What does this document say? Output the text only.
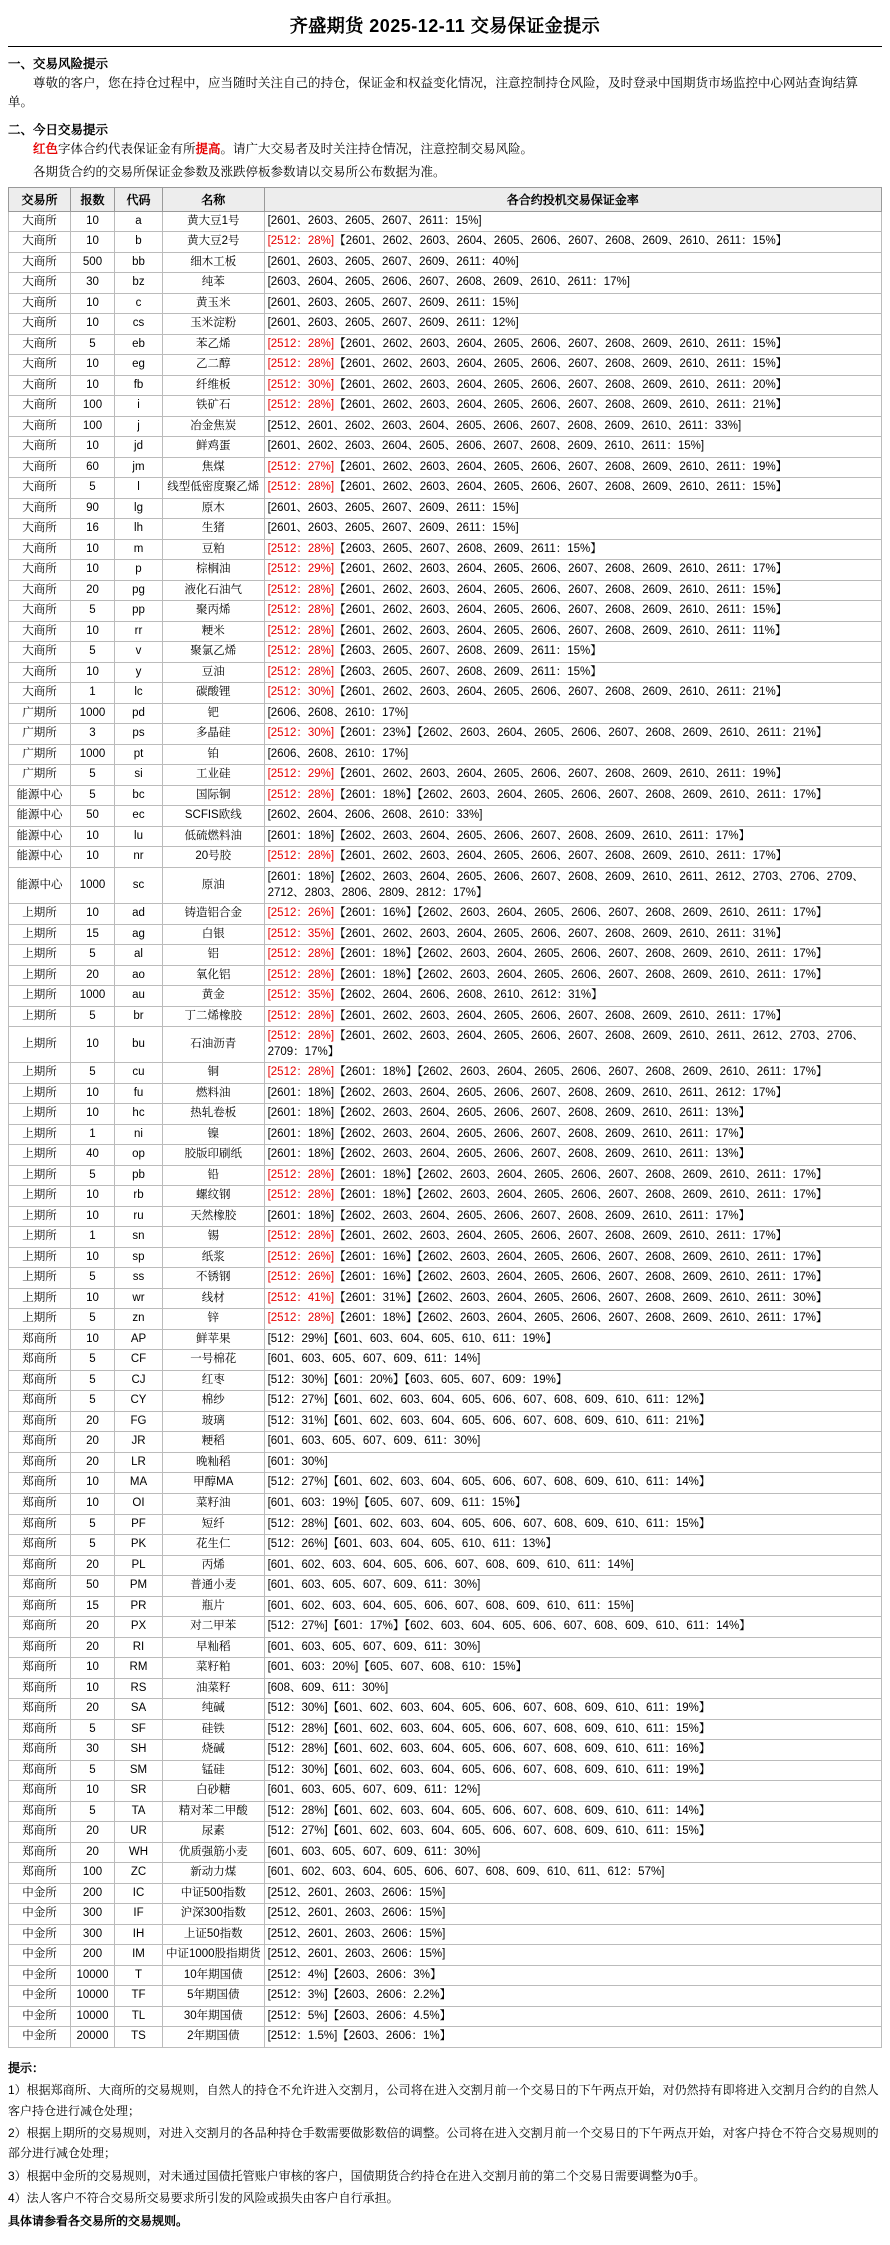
齐盛期货 2025-12-11 交易保证金提示
一、交易风险提示
尊敬的客户，您在持仓过程中，应当随时关注自己的持仓，保证金和权益变化情况，注意控制持仓风险，及时登录中国期货市场监控中心网站查询结算单。
二、今日交易提示
红色字体合约代表保证金有所提高。请广大交易者及时关注持仓情况，注意控制交易风险。
各期货合约的交易所保证金参数及涨跌停板参数请以交易所公布数据为准。
交易所	报数	代码	名称	各合约投机交易保证金率
大商所	10	a	黄大豆1号	[2601、2603、2605、2607、2611：15%]
大商所	10	b	黄大豆2号	[2512：28%]【2601、2602、2603、2604、2605、2606、2607、2608、2609、2610、2611：15%】
大商所	500	bb	细木工板	[2601、2603、2605、2607、2609、2611：40%]
大商所	30	bz	纯苯	[2603、2604、2605、2606、2607、2608、2609、2610、2611：17%]
大商所	10	c	黄玉米	[2601、2603、2605、2607、2609、2611：15%]
大商所	10	cs	玉米淀粉	[2601、2603、2605、2607、2609、2611：12%]
大商所	5	eb	苯乙烯	[2512：28%]【2601、2602、2603、2604、2605、2606、2607、2608、2609、2610、2611：15%】
大商所	10	eg	乙二醇	[2512：28%]【2601、2602、2603、2604、2605、2606、2607、2608、2609、2610、2611：15%】
大商所	10	fb	纤维板	[2512：30%]【2601、2602、2603、2604、2605、2606、2607、2608、2609、2610、2611：20%】
大商所	100	i	铁矿石	[2512：28%]【2601、2602、2603、2604、2605、2606、2607、2608、2609、2610、2611：21%】
大商所	100	j	冶金焦炭	[2512、2601、2602、2603、2604、2605、2606、2607、2608、2609、2610、2611：33%]
大商所	10	jd	鲜鸡蛋	[2601、2602、2603、2604、2605、2606、2607、2608、2609、2610、2611：15%]
大商所	60	jm	焦煤	[2512：27%]【2601、2602、2603、2604、2605、2606、2607、2608、2609、2610、2611：19%】
大商所	5	l	线型低密度聚乙烯	[2512：28%]【2601、2602、2603、2604、2605、2606、2607、2608、2609、2610、2611：15%】
大商所	90	lg	原木	[2601、2603、2605、2607、2609、2611：15%]
大商所	16	lh	生猪	[2601、2603、2605、2607、2609、2611：15%]
大商所	10	m	豆粕	[2512：28%]【2603、2605、2607、2608、2609、2611：15%】
大商所	10	p	棕榈油	[2512：29%]【2601、2602、2603、2604、2605、2606、2607、2608、2609、2610、2611：17%】
大商所	20	pg	液化石油气	[2512：28%]【2601、2602、2603、2604、2605、2606、2607、2608、2609、2610、2611：15%】
大商所	5	pp	聚丙烯	[2512：28%]【2601、2602、2603、2604、2605、2606、2607、2608、2609、2610、2611：15%】
大商所	10	rr	粳米	[2512：28%]【2601、2602、2603、2604、2605、2606、2607、2608、2609、2610、2611：11%】
大商所	5	v	聚氯乙烯	[2512：28%]【2603、2605、2607、2608、2609、2611：15%】
大商所	10	y	豆油	[2512：28%]【2603、2605、2607、2608、2609、2611：15%】
大商所	1	lc	碳酸锂	[2512：30%]【2601、2602、2603、2604、2605、2606、2607、2608、2609、2610、2611：21%】
广期所	1000	pd	钯	[2606、2608、2610：17%]
广期所	3	ps	多晶硅	[2512：30%]【2601：23%】【2602、2603、2604、2605、2606、2607、2608、2609、2610、2611：21%】
广期所	1000	pt	铂	[2606、2608、2610：17%]
广期所	5	si	工业硅	[2512：29%]【2601、2602、2603、2604、2605、2606、2607、2608、2609、2610、2611：19%】
能源中心	5	bc	国际铜	[2512：28%]【2601：18%】【2602、2603、2604、2605、2606、2607、2608、2609、2610、2611：17%】
能源中心	50	ec	SCFIS欧线	[2602、2604、2606、2608、2610：33%]
能源中心	10	lu	低硫燃料油	[2601：18%]【2602、2603、2604、2605、2606、2607、2608、2609、2610、2611：17%】
能源中心	10	nr	20号胶	[2512：28%]【2601、2602、2603、2604、2605、2606、2607、2608、2609、2610、2611：17%】
能源中心	1000	sc	原油	[2601：18%]【2602、2603、2604、2605、2606、2607、2608、2609、2610、2611、2612、2703、2706、2709、2712、2803、2806、2809、2812：17%】
上期所	10	ad	铸造铝合金	[2512：26%]【2601：16%】【2602、2603、2604、2605、2606、2607、2608、2609、2610、2611：17%】
上期所	15	ag	白银	[2512：35%]【2601、2602、2603、2604、2605、2606、2607、2608、2609、2610、2611：31%】
上期所	5	al	铝	[2512：28%]【2601：18%】【2602、2603、2604、2605、2606、2607、2608、2609、2610、2611：17%】
上期所	20	ao	氧化铝	[2512：28%]【2601：18%】【2602、2603、2604、2605、2606、2607、2608、2609、2610、2611：17%】
上期所	1000	au	黄金	[2512：35%]【2602、2604、2606、2608、2610、2612：31%】
上期所	5	br	丁二烯橡胶	[2512：28%]【2601、2602、2603、2604、2605、2606、2607、2608、2609、2610、2611：17%】
上期所	10	bu	石油沥青	[2512：28%]【2601、2602、2603、2604、2605、2606、2607、2608、2609、2610、2611、2612、2703、2706、2709：17%】
上期所	5	cu	铜	[2512：28%]【2601：18%】【2602、2603、2604、2605、2606、2607、2608、2609、2610、2611：17%】
上期所	10	fu	燃料油	[2601：18%]【2602、2603、2604、2605、2606、2607、2608、2609、2610、2611、2612：17%】
上期所	10	hc	热轧卷板	[2601：18%]【2602、2603、2604、2605、2606、2607、2608、2609、2610、2611：13%】
上期所	1	ni	镍	[2601：18%]【2602、2603、2604、2605、2606、2607、2608、2609、2610、2611：17%】
上期所	40	op	胶版印刷纸	[2601：18%]【2602、2603、2604、2605、2606、2607、2608、2609、2610、2611：13%】
上期所	5	pb	铅	[2512：28%]【2601：18%】【2602、2603、2604、2605、2606、2607、2608、2609、2610、2611：17%】
上期所	10	rb	螺纹钢	[2512：28%]【2601：18%】【2602、2603、2604、2605、2606、2607、2608、2609、2610、2611：17%】
上期所	10	ru	天然橡胶	[2601：18%]【2602、2603、2604、2605、2606、2607、2608、2609、2610、2611：17%】
上期所	1	sn	锡	[2512：28%]【2601、2602、2603、2604、2605、2606、2607、2608、2609、2610、2611：17%】
上期所	10	sp	纸浆	[2512：26%]【2601：16%】【2602、2603、2604、2605、2606、2607、2608、2609、2610、2611：17%】
上期所	5	ss	不锈钢	[2512：26%]【2601：16%】【2602、2603、2604、2605、2606、2607、2608、2609、2610、2611：17%】
上期所	10	wr	线材	[2512：41%]【2601：31%】【2602、2603、2604、2605、2606、2607、2608、2609、2610、2611：30%】
上期所	5	zn	锌	[2512：28%]【2601：18%】【2602、2603、2604、2605、2606、2607、2608、2609、2610、2611：17%】
郑商所	10	AP	鲜苹果	[512：29%]【601、603、604、605、610、611：19%】
郑商所	5	CF	一号棉花	[601、603、605、607、609、611：14%]
郑商所	5	CJ	红枣	[512：30%]【601：20%】【603、605、607、609：19%】
郑商所	5	CY	棉纱	[512：27%]【601、602、603、604、605、606、607、608、609、610、611：12%】
郑商所	20	FG	玻璃	[512：31%]【601、602、603、604、605、606、607、608、609、610、611：21%】
郑商所	20	JR	粳稻	[601、603、605、607、609、611：30%]
郑商所	20	LR	晚籼稻	[601：30%]
郑商所	10	MA	甲醇MA	[512：27%]【601、602、603、604、605、606、607、608、609、610、611：14%】
郑商所	10	OI	菜籽油	[601、603：19%]【605、607、609、611：15%】
郑商所	5	PF	短纤	[512：28%]【601、602、603、604、605、606、607、608、609、610、611：15%】
郑商所	5	PK	花生仁	[512：26%]【601、603、604、605、610、611：13%】
郑商所	20	PL	丙烯	[601、602、603、604、605、606、607、608、609、610、611：14%]
郑商所	50	PM	普通小麦	[601、603、605、607、609、611：30%]
郑商所	15	PR	瓶片	[601、602、603、604、605、606、607、608、609、610、611：15%]
郑商所	20	PX	对二甲苯	[512：27%]【601：17%】【602、603、604、605、606、607、608、609、610、611：14%】
郑商所	20	RI	早籼稻	[601、603、605、607、609、611：30%]
郑商所	10	RM	菜籽粕	[601、603：20%]【605、607、608、610：15%】
郑商所	10	RS	油菜籽	[608、609、611：30%]
郑商所	20	SA	纯碱	[512：30%]【601、602、603、604、605、606、607、608、609、610、611：19%】
郑商所	5	SF	硅铁	[512：28%]【601、602、603、604、605、606、607、608、609、610、611：15%】
郑商所	30	SH	烧碱	[512：28%]【601、602、603、604、605、606、607、608、609、610、611：16%】
郑商所	5	SM	锰硅	[512：30%]【601、602、603、604、605、606、607、608、609、610、611：19%】
郑商所	10	SR	白砂糖	[601、603、605、607、609、611：12%]
郑商所	5	TA	精对苯二甲酸	[512：28%]【601、602、603、604、605、606、607、608、609、610、611：14%】
郑商所	20	UR	尿素	[512：27%]【601、602、603、604、605、606、607、608、609、610、611：15%】
郑商所	20	WH	优质强筋小麦	[601、603、605、607、609、611：30%]
郑商所	100	ZC	新动力煤	[601、602、603、604、605、606、607、608、609、610、611、612：57%]
中金所	200	IC	中证500指数	[2512、2601、2603、2606：15%]
中金所	300	IF	沪深300指数	[2512、2601、2603、2606：15%]
中金所	300	IH	上证50指数	[2512、2601、2603、2606：15%]
中金所	200	IM	中证1000股指期货	[2512、2601、2603、2606：15%]
中金所	10000	T	10年期国债	[2512：4%]【2603、2606：3%】
中金所	10000	TF	5年期国债	[2512：3%]【2603、2606：2.2%】
中金所	10000	TL	30年期国债	[2512：5%]【2603、2606：4.5%】
中金所	20000	TS	2年期国债	[2512：1.5%]【2603、2606：1%】
提示：

1）根据郑商所、大商所的交易规则，自然人的持仓不允许进入交割月，公司将在进入交割月前一个交易日的下午两点开始，对仍然持有即将进入交割月合约的自然人客户持仓进行减仓处理；

2）根据上期所的交易规则，对进入交割月的各品种持仓手数需要做影数倍的调整。公司将在进入交割月前一个交易日的下午两点开始，对客户持仓不符合交易规则的部分进行减仓处理；

3）根据中金所的交易规则，对未通过国债托管账户审核的客户，国债期货合约持仓在进入交割月前的第二个交易日需要调整为0手。

4）法人客户不符合交易所交易要求所引发的风险或损失由客户自行承担。

具体请参看各交易所的交易规则。
